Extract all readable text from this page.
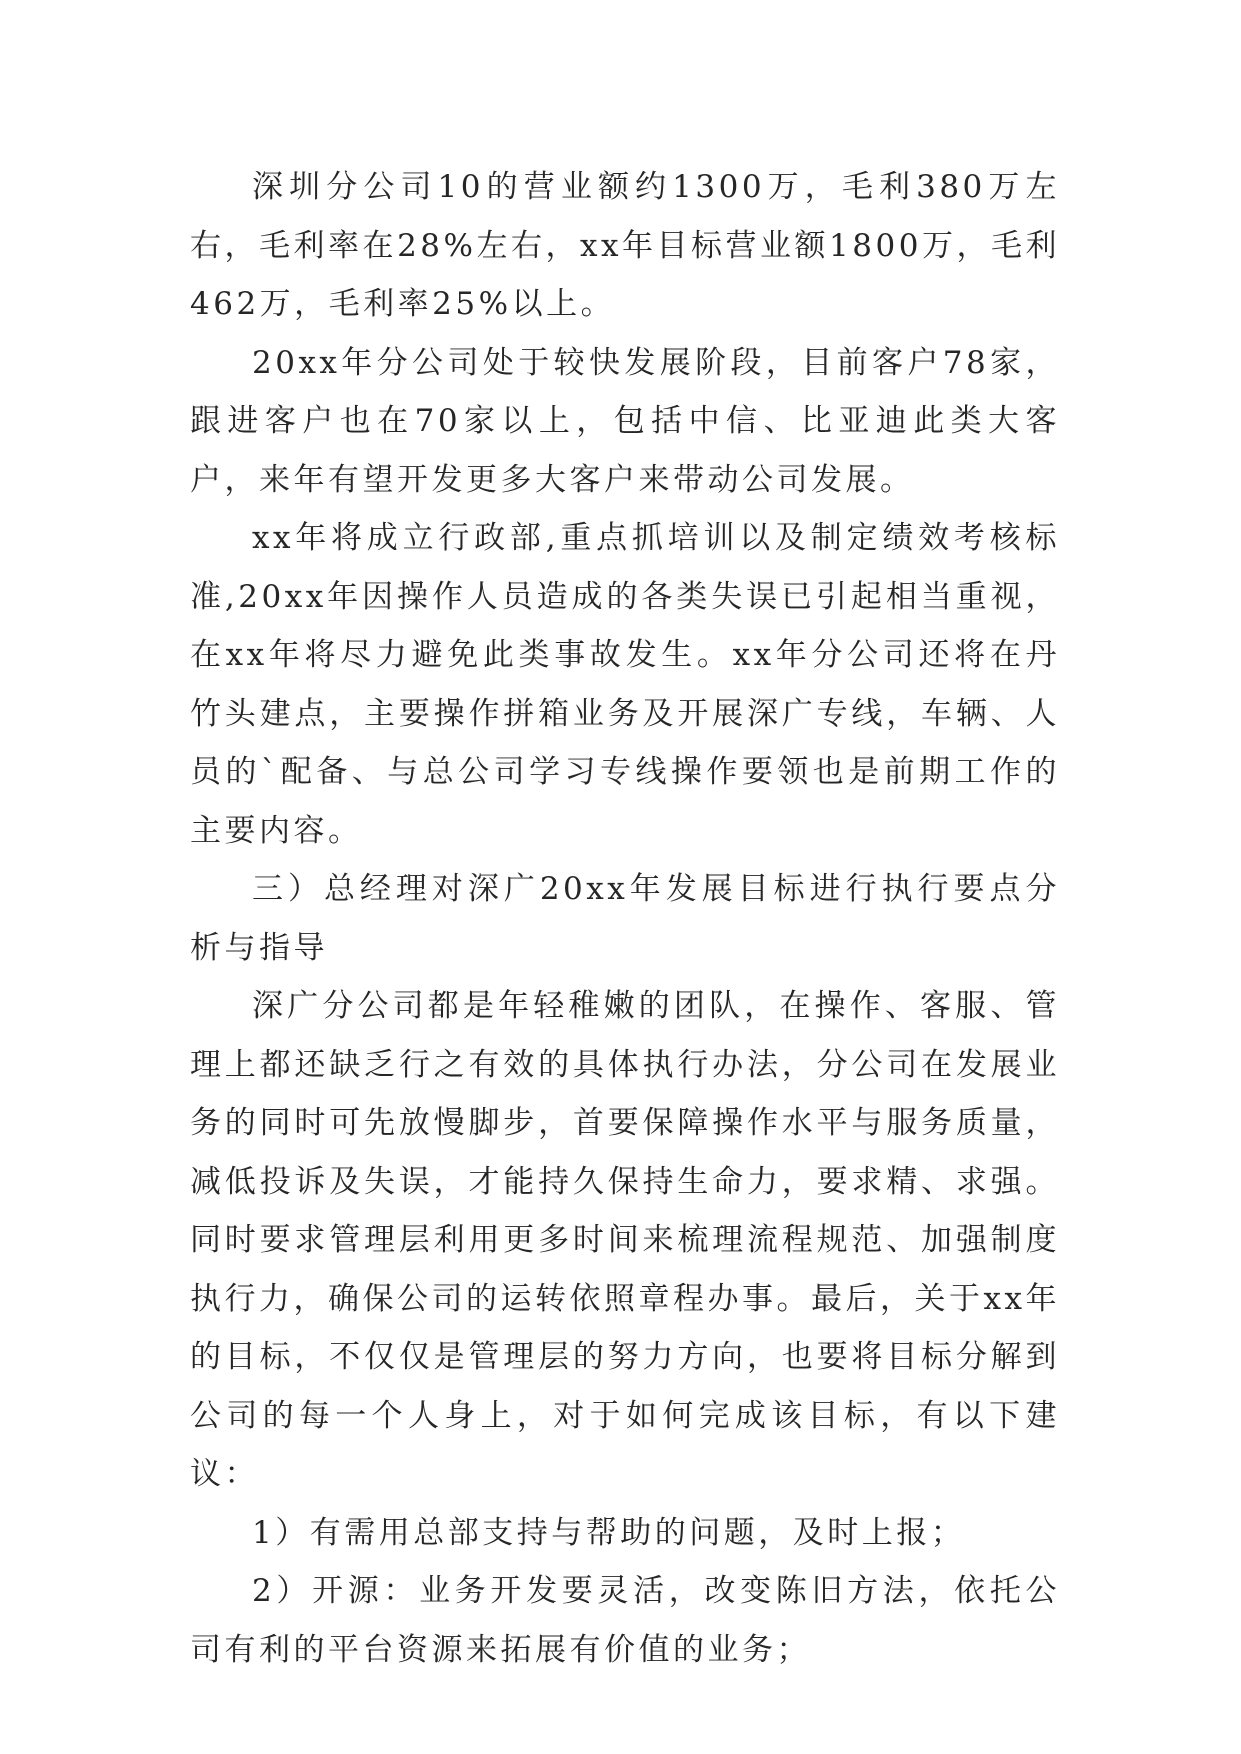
深圳分公司10的营业额约1300万，毛利380万左右，毛利率在28%左右，xx年目标营业额1800万，毛利462万，毛利率25%以上。

20xx年分公司处于较快发展阶段，目前客户78家，跟进客户也在70家以上，包括中信、比亚迪此类大客户，来年有望开发更多大客户来带动公司发展。

xx年将成立行政部,重点抓培训以及制定绩效考核标准,20xx年因操作人员造成的各类失误已引起相当重视，在xx年将尽力避免此类事故发生。xx年分公司还将在丹竹头建点，主要操作拼箱业务及开展深广专线，车辆、人员的`配备、与总公司学习专线操作要领也是前期工作的主要内容。

三）总经理对深广20xx年发展目标进行执行要点分析与指导

深广分公司都是年轻稚嫩的团队，在操作、客服、管理上都还缺乏行之有效的具体执行办法，分公司在发展业务的同时可先放慢脚步，首要保障操作水平与服务质量，减低投诉及失误，才能持久保持生命力，要求精、求强。同时要求管理层利用更多时间来梳理流程规范、加强制度执行力，确保公司的运转依照章程办事。最后，关于xx年的目标，不仅仅是管理层的努力方向，也要将目标分解到公司的每一个人身上，对于如何完成该目标，有以下建议：

1）有需用总部支持与帮助的问题，及时上报；

2）开源：业务开发要灵活，改变陈旧方法，依托公司有利的平台资源来拓展有价值的业务；
